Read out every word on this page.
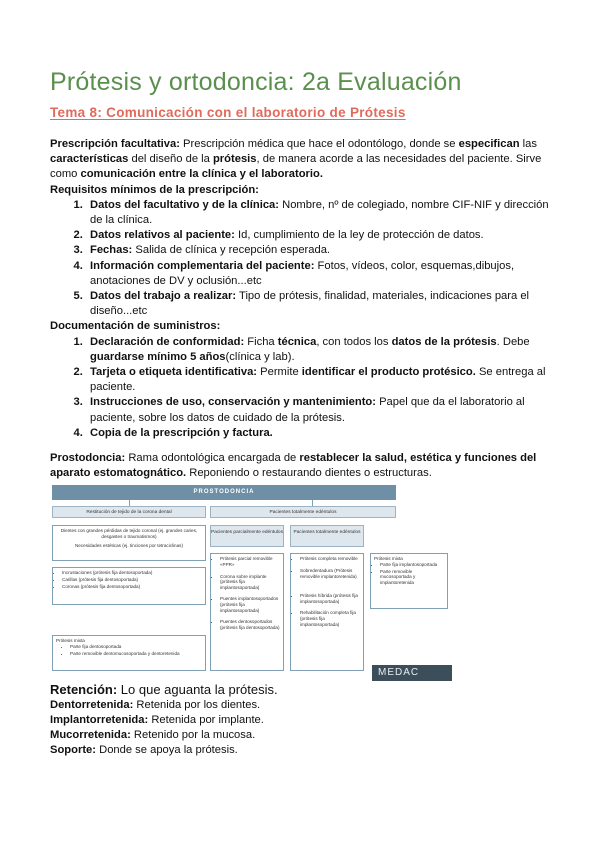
Prótesis y ortodoncia: 2a Evaluación
Tema 8: Comunicación con el laboratorio de Prótesis
Prescripción facultativa: Prescripción médica que hace el odontólogo, donde se especifican las características del diseño de la prótesis, de manera acorde a las necesidades del paciente. Sirve como comunicación entre la clínica y el laboratorio.
Requisitos mínimos de la prescripción:
1. Datos del facultativo y de la clínica: Nombre, nº de colegiado, nombre CIF-NIF y dirección de la clínica.
2. Datos relativos al paciente: Id, cumplimiento de la ley de protección de datos.
3. Fechas: Salida de clínica y recepción esperada.
4. Información complementaria del paciente: Fotos, vídeos, color, esquemas,dibujos, anotaciones de DV y oclusión...etc
5. Datos del trabajo a realizar: Tipo de prótesis, finalidad, materiales, indicaciones para el diseño...etc
Documentación de suministros:
1. Declaración de conformidad: Ficha técnica, con todos los datos de la prótesis. Debe guardarse mínimo 5 años(clínica y lab).
2. Tarjeta o etiqueta identificativa: Permite identificar el producto protésico. Se entrega al paciente.
3. Instrucciones de uso, conservación y mantenimiento: Papel que da el laboratorio al paciente, sobre los datos de cuidado de la prótesis.
4. Copia de la prescripción y factura.
Prostodoncia: Rama odontológica encargada de restablecer la salud, estética y funciones del aparato estomatognático. Reponiendo o restaurando dientes o estructuras.
PROSTODONCIA
Restitución de tejido de la corona dental	Pacientes totalmente edéntulos
Dientes con grandes pérdidas de tejido coronal (ej. grandes caries, desgastes o traumatismos)
Necesidades estéticas (ej. tinciones por tetraciclinas)
• Incrustaciones (prótesis fija dentosoportada)
• Carillas (prótesis fija dentosoportada)
• Coronas (prótesis fija dentosoportada)
Prótesis mixta
• Parte fija dentosoportada
• Parte removible dentomucosoportada y dentoretenida
Pacientes parcialmente edéntulos
• Prótesis parcial removible «PPR»
• Corona sobre implante (prótesis fija implantosoportada)
• Puentes implantosoportados (prótesis fija implantosoportada)
• Puentes dentosoportados (prótesis fija dentosoportada)
Pacientes totalmente edéntulos
• Prótesis completa removible
• Sobredentadura (Prótesis removible implantoretenida)
• Prótesis híbrida (prótesis fija implantosoportada)
• Rehabilitación completa fija (prótesis fija implantosoportada)
Prótesis mixta
• Parte fija implantosoportada
• Parte removible mucosoportada y implantoretenida
MEDAC
Retención: Lo que aguanta la prótesis.
Dentorretenida: Retenida por los dientes.
Implantorretenida: Retenida por implante.
Mucorretenida: Retenido por la mucosa.
Soporte: Donde se apoya la prótesis.
